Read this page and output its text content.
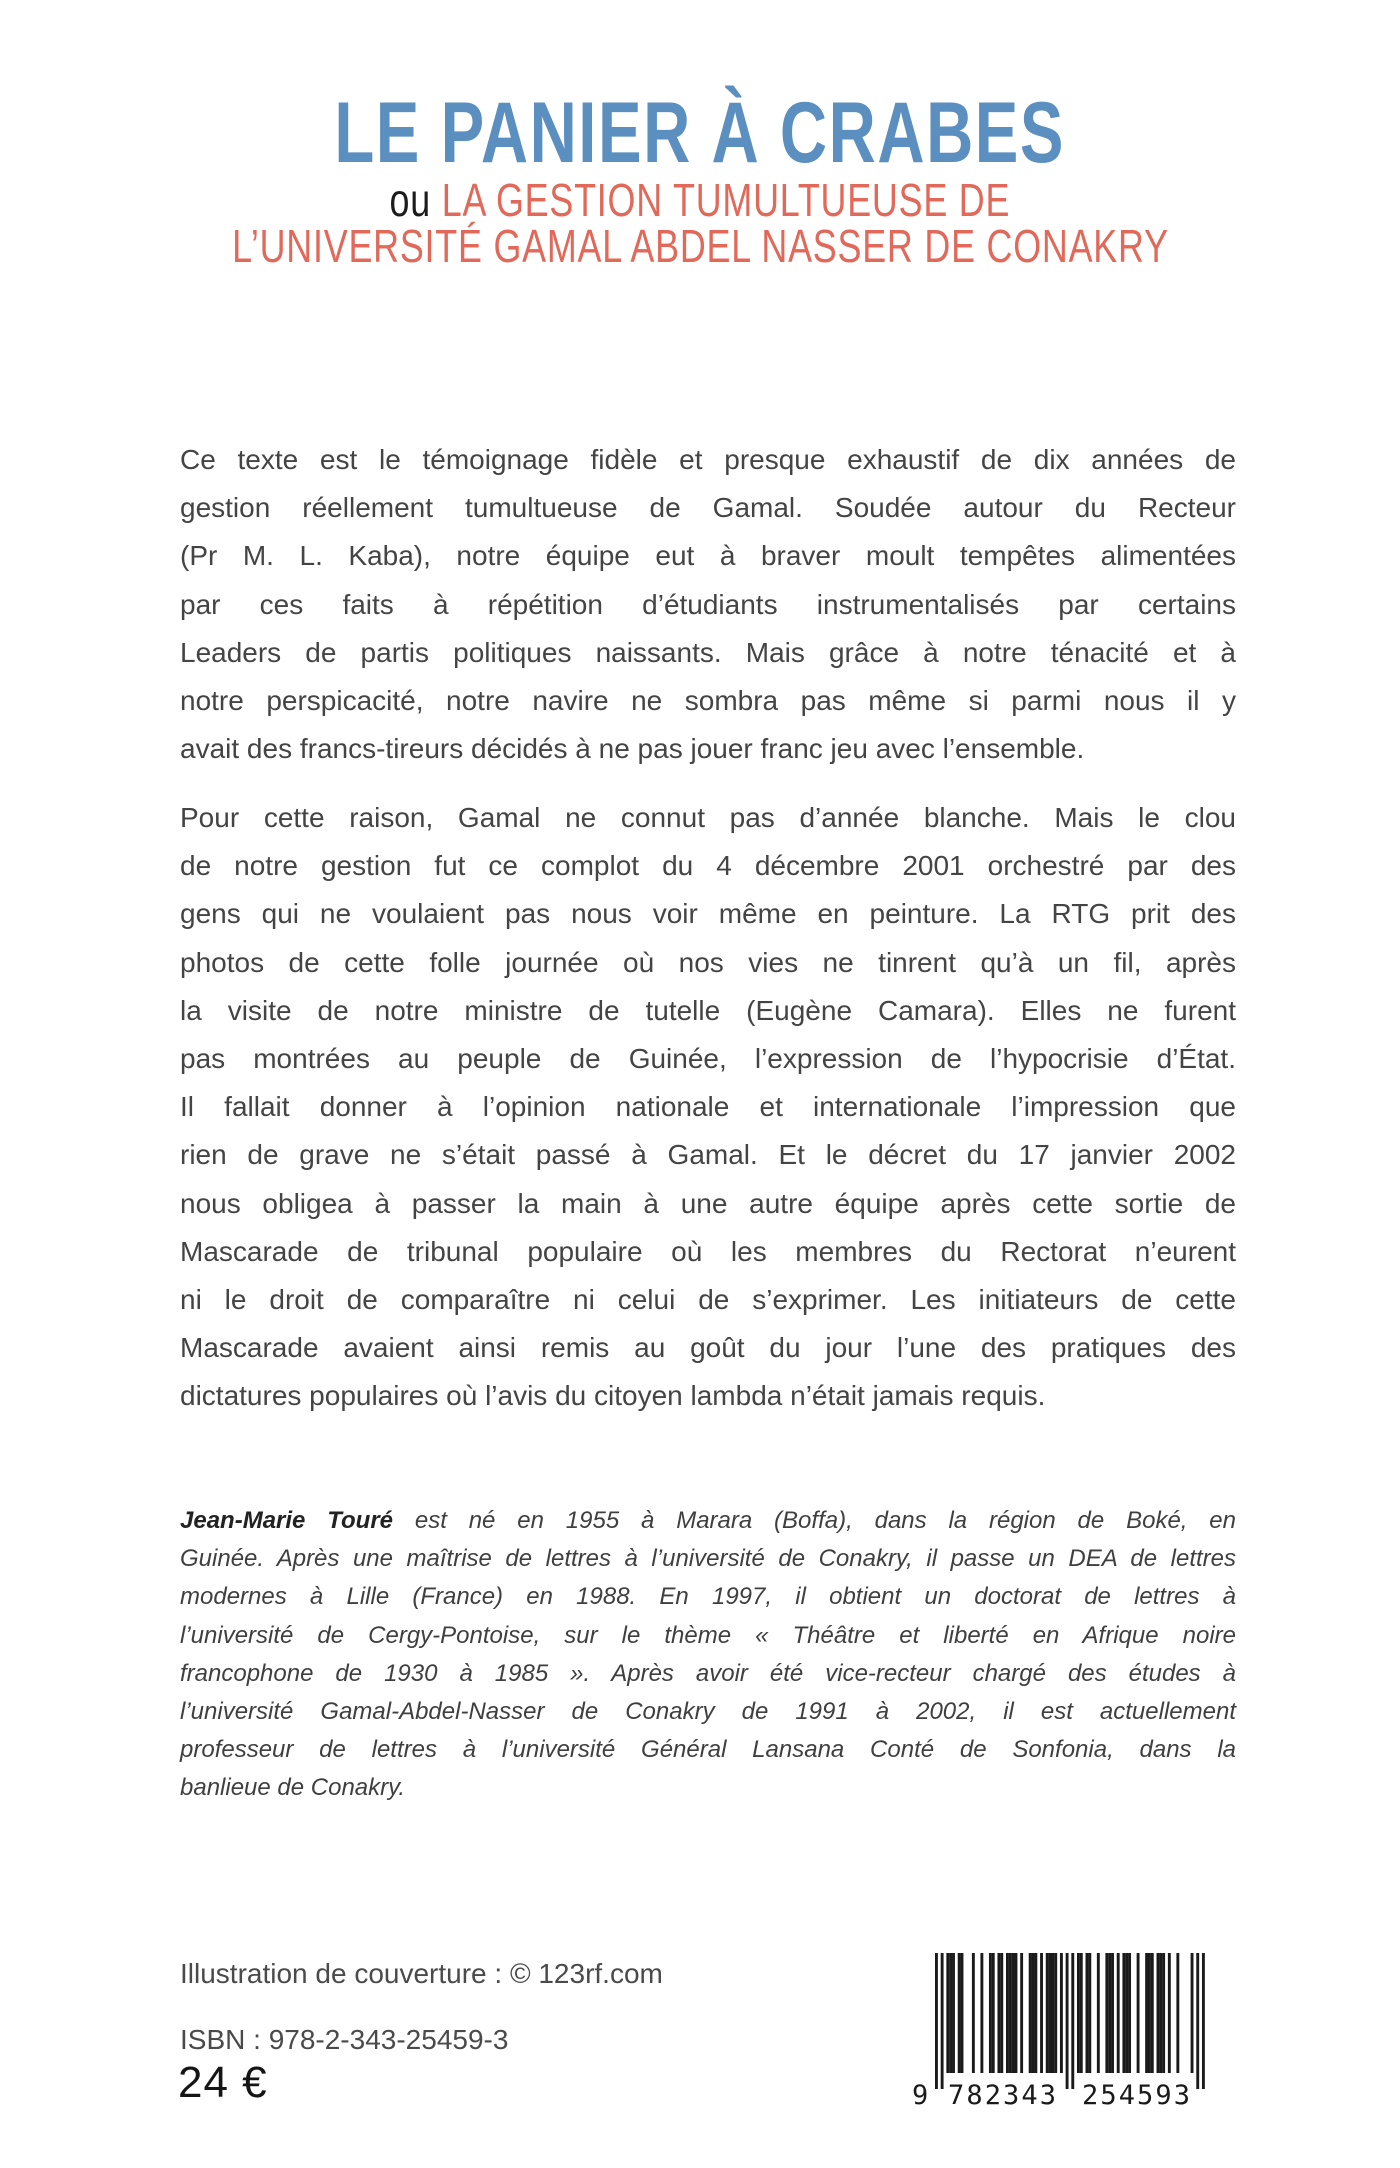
LE PANIER À CRABES
ou LA GESTION TUMULTUEUSE DE
L’UNIVERSITÉ GAMAL ABDEL NASSER DE CONAKRY
Ce texte est le témoignage fidèle et presque exhaustif de dix années de
gestion réellement tumultueuse de Gamal. Soudée autour du Recteur
(Pr M. L. Kaba), notre équipe eut à braver moult tempêtes alimentées
par ces faits à répétition d’étudiants instrumentalisés par certains
Leaders de partis politiques naissants. Mais grâce à notre ténacité et à
notre perspicacité, notre navire ne sombra pas même si parmi nous il y
avait des francs-tireurs décidés à ne pas jouer franc jeu avec l’ensemble.
Pour cette raison, Gamal ne connut pas d’année blanche. Mais le clou
de notre gestion fut ce complot du 4 décembre 2001 orchestré par des
gens qui ne voulaient pas nous voir même en peinture. La RTG prit des
photos de cette folle journée où nos vies ne tinrent qu’à un fil, après
la visite de notre ministre de tutelle (Eugène Camara). Elles ne furent
pas montrées au peuple de Guinée, l’expression de l’hypocrisie d’État.
Il fallait donner à l’opinion nationale et internationale l’impression que
rien de grave ne s’était passé à Gamal. Et le décret du 17 janvier 2002
nous obligea à passer la main à une autre équipe après cette sortie de
Mascarade de tribunal populaire où les membres du Rectorat n’eurent
ni le droit de comparaître ni celui de s’exprimer. Les initiateurs de cette
Mascarade avaient ainsi remis au goût du jour l’une des pratiques des
dictatures populaires où l’avis du citoyen lambda n’était jamais requis.
Jean-Marie Touré est né en 1955 à Marara (Boffa), dans la région de Boké, en
Guinée. Après une maîtrise de lettres à l’université de Conakry, il passe un DEA de lettres
modernes à Lille (France) en 1988. En 1997, il obtient un doctorat de lettres à
l’université de Cergy-Pontoise, sur le thème « Théâtre et liberté en Afrique noire
francophone de 1930 à 1985 ». Après avoir été vice-recteur chargé des études à
l’université Gamal-Abdel-Nasser de Conakry de 1991 à 2002, il est actuellement
professeur de lettres à l’université Général Lansana Conté de Sonfonia, dans la
banlieue de Conakry.
Illustration de couverture : © 123rf.com
ISBN : 978-2-343-25459-3
24 €	9 782343 254593
